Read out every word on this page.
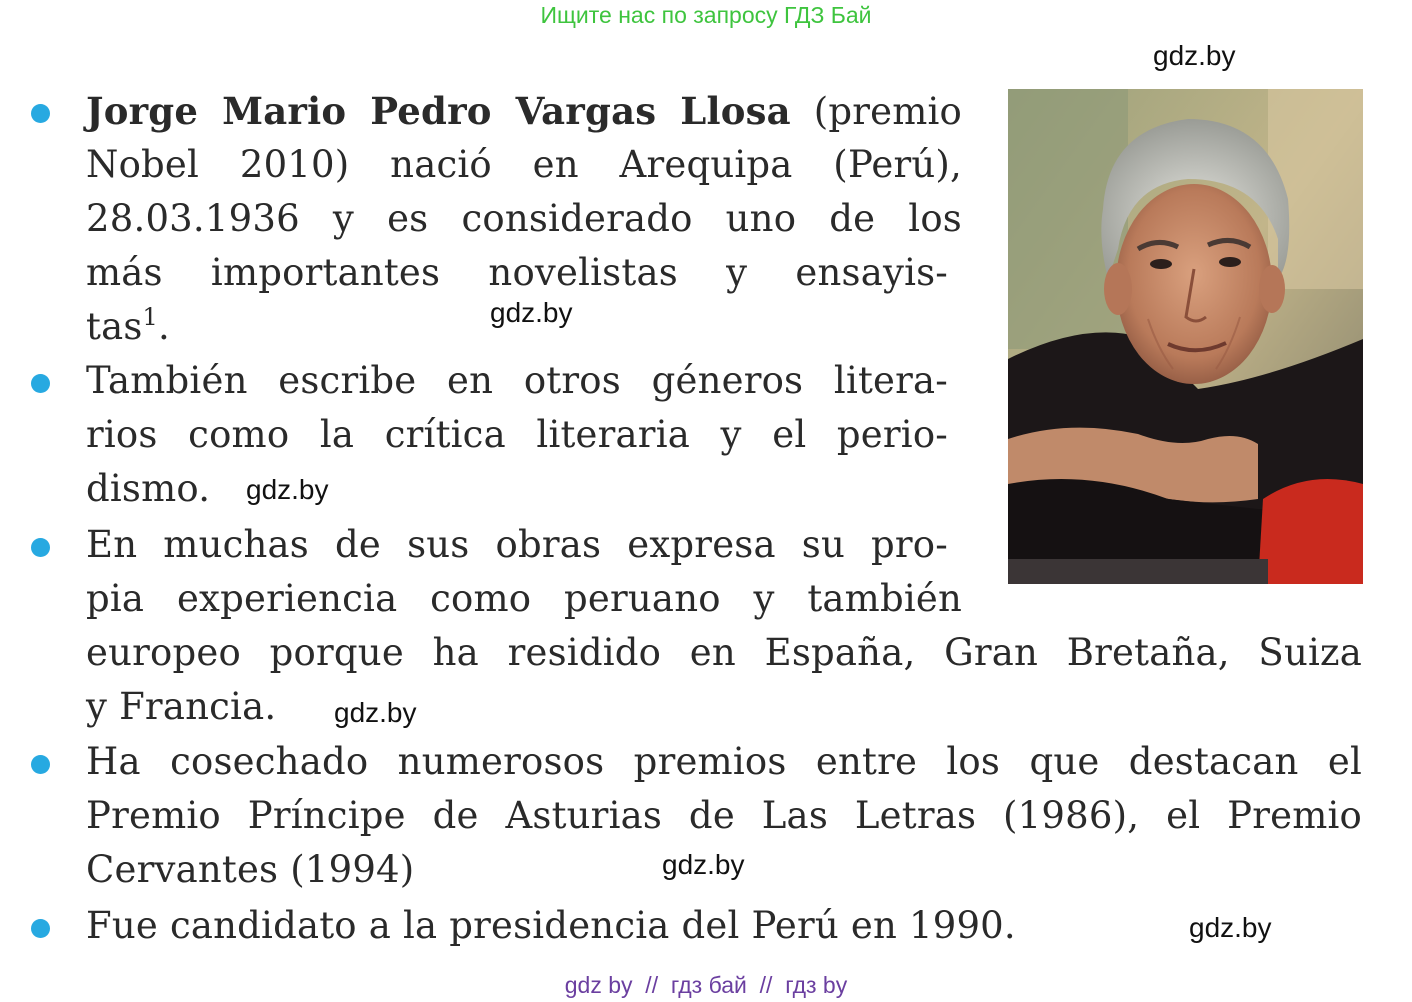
Ищите нас по запросу ГДЗ Бай
gdz.by
Jorge Mario Pedro Vargas Llosa (premio
Nobel 2010) nació en Arequipa (Perú),
28.03.1936 y es considerado uno de los
más importantes novelistas y ensayis-
tas$^1$.	gdz.by
También escribe en otros géneros litera-
rios como la crítica literaria y el perio-
dismo. gdz.by
En muchas de sus obras expresa su pro-
pia experiencia como peruano y también
europeo porque ha residido en España, Gran Bretaña, Suiza
y Francia. gdz.by
Ha cosechado numerosos premios entre los que destacan el
Premio Príncipe de Asturias de Las Letras (1986), el Premio
Cervantes (1994)	gdz.by
Fue candidato a la presidencia del Perú en 1990.	gdz.by
gdz by  //  гдз бай  //  гдз by
